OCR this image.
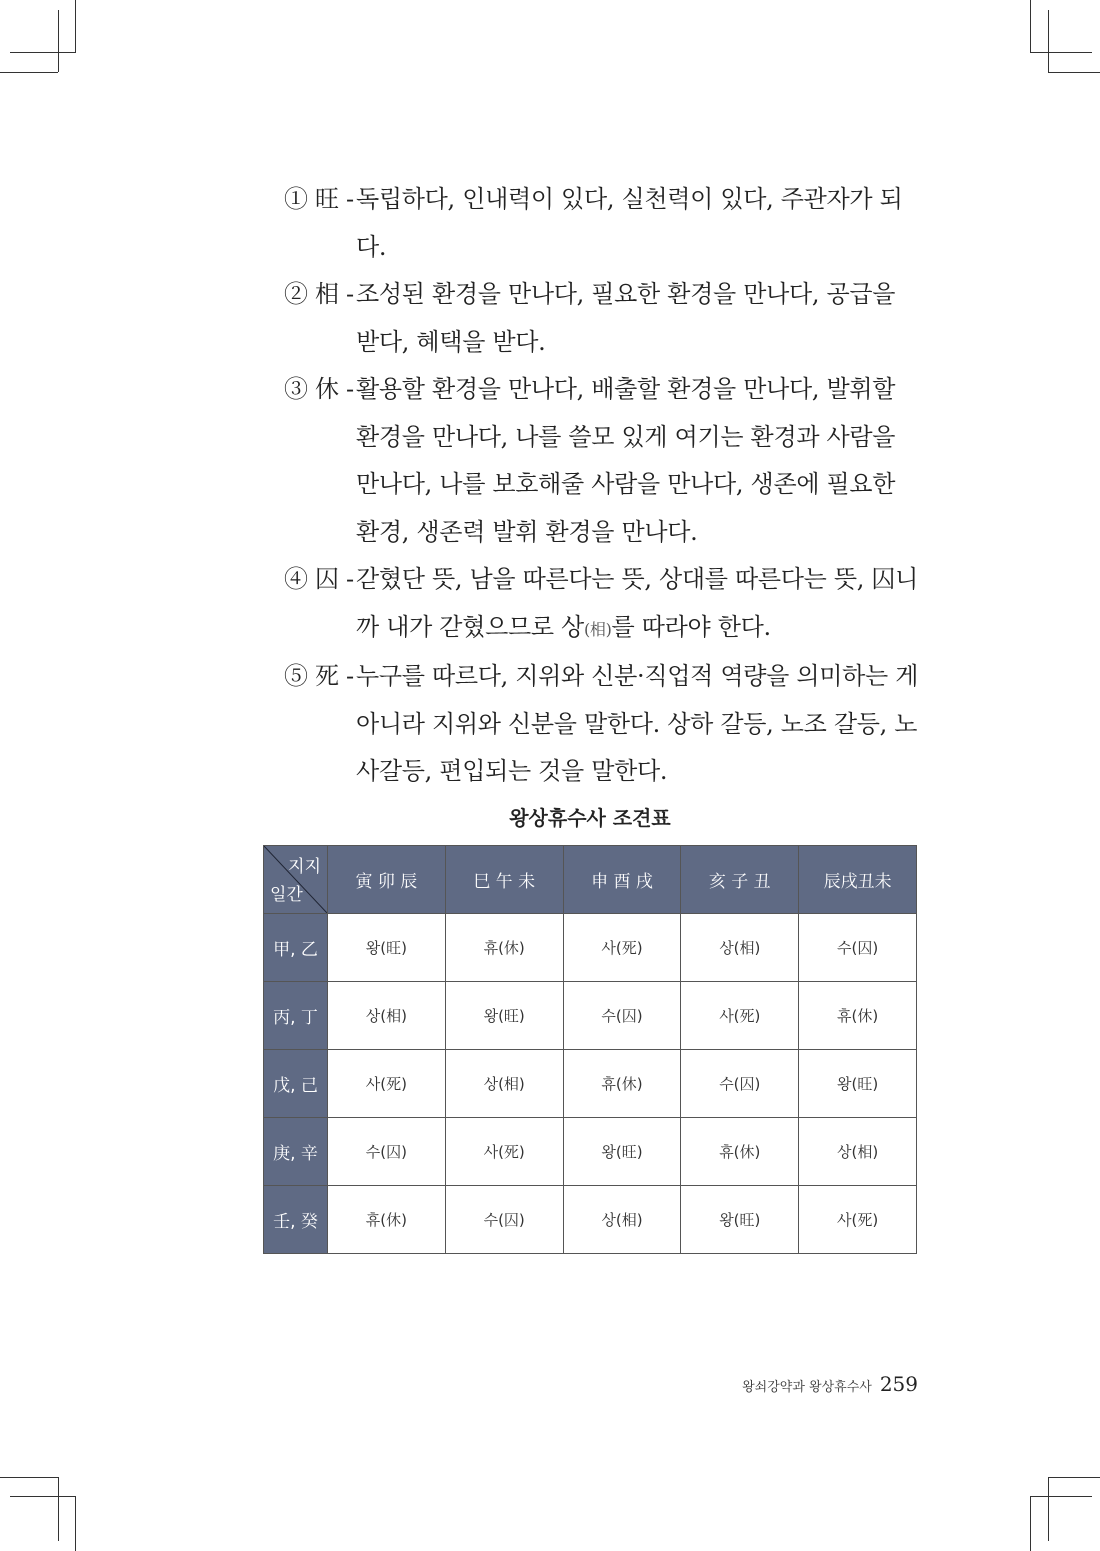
① 旺 - 독립하다, 인내력이 있다, 실천력이 있다, 주관자가 되다.
② 相 - 조성된 환경을 만나다, 필요한 환경을 만나다, 공급을 받다, 혜택을 받다.
③ 休 - 활용할 환경을 만나다, 배출할 환경을 만나다, 발휘할 환경을 만나다, 나를 쓸모 있게 여기는 환경과 사람을 만나다, 나를 보호해줄 사람을 만나다, 생존에 필요한 환경, 생존력 발휘 환경을 만나다.
④ 囚 - 갇혔단 뜻, 남을 따른다는 뜻, 상대를 따른다는 뜻, 囚니까 내가 갇혔으므로 상(相)를 따라야 한다.
⑤ 死 - 누구를 따르다, 지위와 신분·직업적 역량을 의미하는 게 아니라 지위와 신분을 말한다. 상하 갈등, 노조 갈등, 노사갈등, 편입되는 것을 말한다.
왕상휴수사 조견표
지지
일간	寅 卯 辰	巳 午 未	申 酉 戌	亥 子 丑	辰戌丑未
甲, 乙	왕(旺)	휴(休)	사(死)	상(相)	수(囚)
丙, 丁	상(相)	왕(旺)	수(囚)	사(死)	휴(休)
戊, 己	사(死)	상(相)	휴(休)	수(囚)	왕(旺)
庚, 辛	수(囚)	사(死)	왕(旺)	휴(休)	상(相)
壬, 癸	휴(休)	수(囚)	상(相)	왕(旺)	사(死)
왕쇠강약과 왕상휴수사 259
